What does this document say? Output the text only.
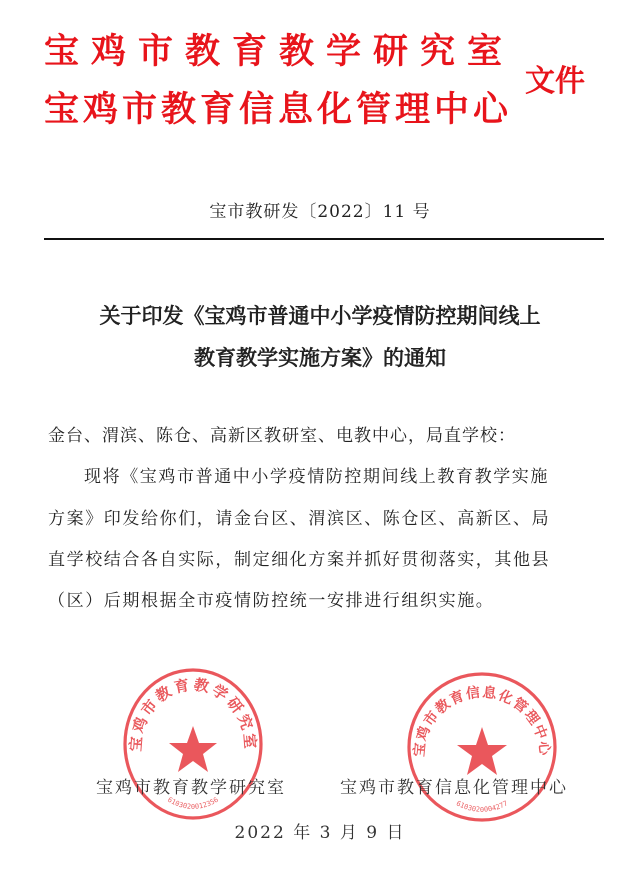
宝鸡市教育教学研究室
宝鸡市教育信息化管理中心
文件
宝市教研发〔2022〕11 号
关于印发《宝鸡市普通中小学疫情防控期间线上
教育教学实施方案》的通知
金台、渭滨、陈仓、高新区教研室、电教中心，局直学校：
现将《宝鸡市普通中小学疫情防控期间线上教育教学实施
方案》印发给你们，请金台区、渭滨区、陈仓区、高新区、局
直学校结合各自实际，制定细化方案并抓好贯彻落实，其他县
（区）后期根据全市疫情防控统一安排进行组织实施。
宝鸡市教育教学研究室
6103020012356
宝鸡市教育信息化管理中心
6103020004277
宝鸡市教育教学研究室	宝鸡市教育信息化管理中心
2022 年 3 月 9 日
